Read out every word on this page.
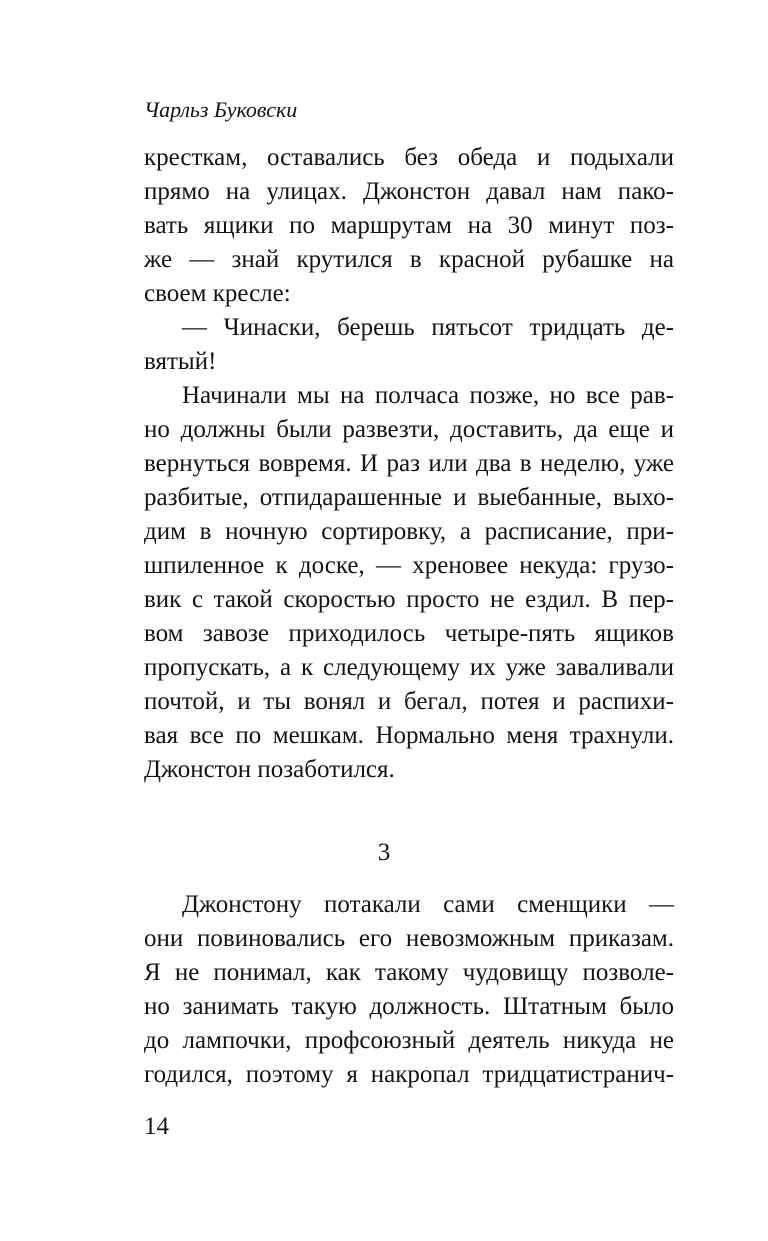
Чарльз Буковски
кресткам, оставались без обеда и подыхали
прямо на улицах. Джонстон давал нам пако-
вать ящики по маршрутам на 30 минут поз-
же — знай крутился в красной рубашке на
своем кресле:
— Чинаски, берешь пятьсот тридцать де-
вятый!
Начинали мы на полчаса позже, но все рав-
но должны были развезти, доставить, да еще и
вернуться вовремя. И раз или два в неделю, уже
разбитые, отпидарашенные и выебанные, выхо-
дим в ночную сортировку, а расписание, при-
шпиленное к доске, — хреновее некуда: грузо-
вик с такой скоростью просто не ездил. В пер-
вом завозе приходилось четыре-пять ящиков
пропускать, а к следующему их уже заваливали
почтой, и ты вонял и бегал, потея и распихи-
вая все по мешкам. Нормально меня трахнули.
Джонстон позаботился.
3
Джонстону потакали сами сменщики —
они повиновались его невозможным приказам.
Я не понимал, как такому чудовищу позволе-
но занимать такую должность. Штатным было
до лампочки, профсоюзный деятель никуда не
годился, поэтому я накропал тридцатистранич-
14
